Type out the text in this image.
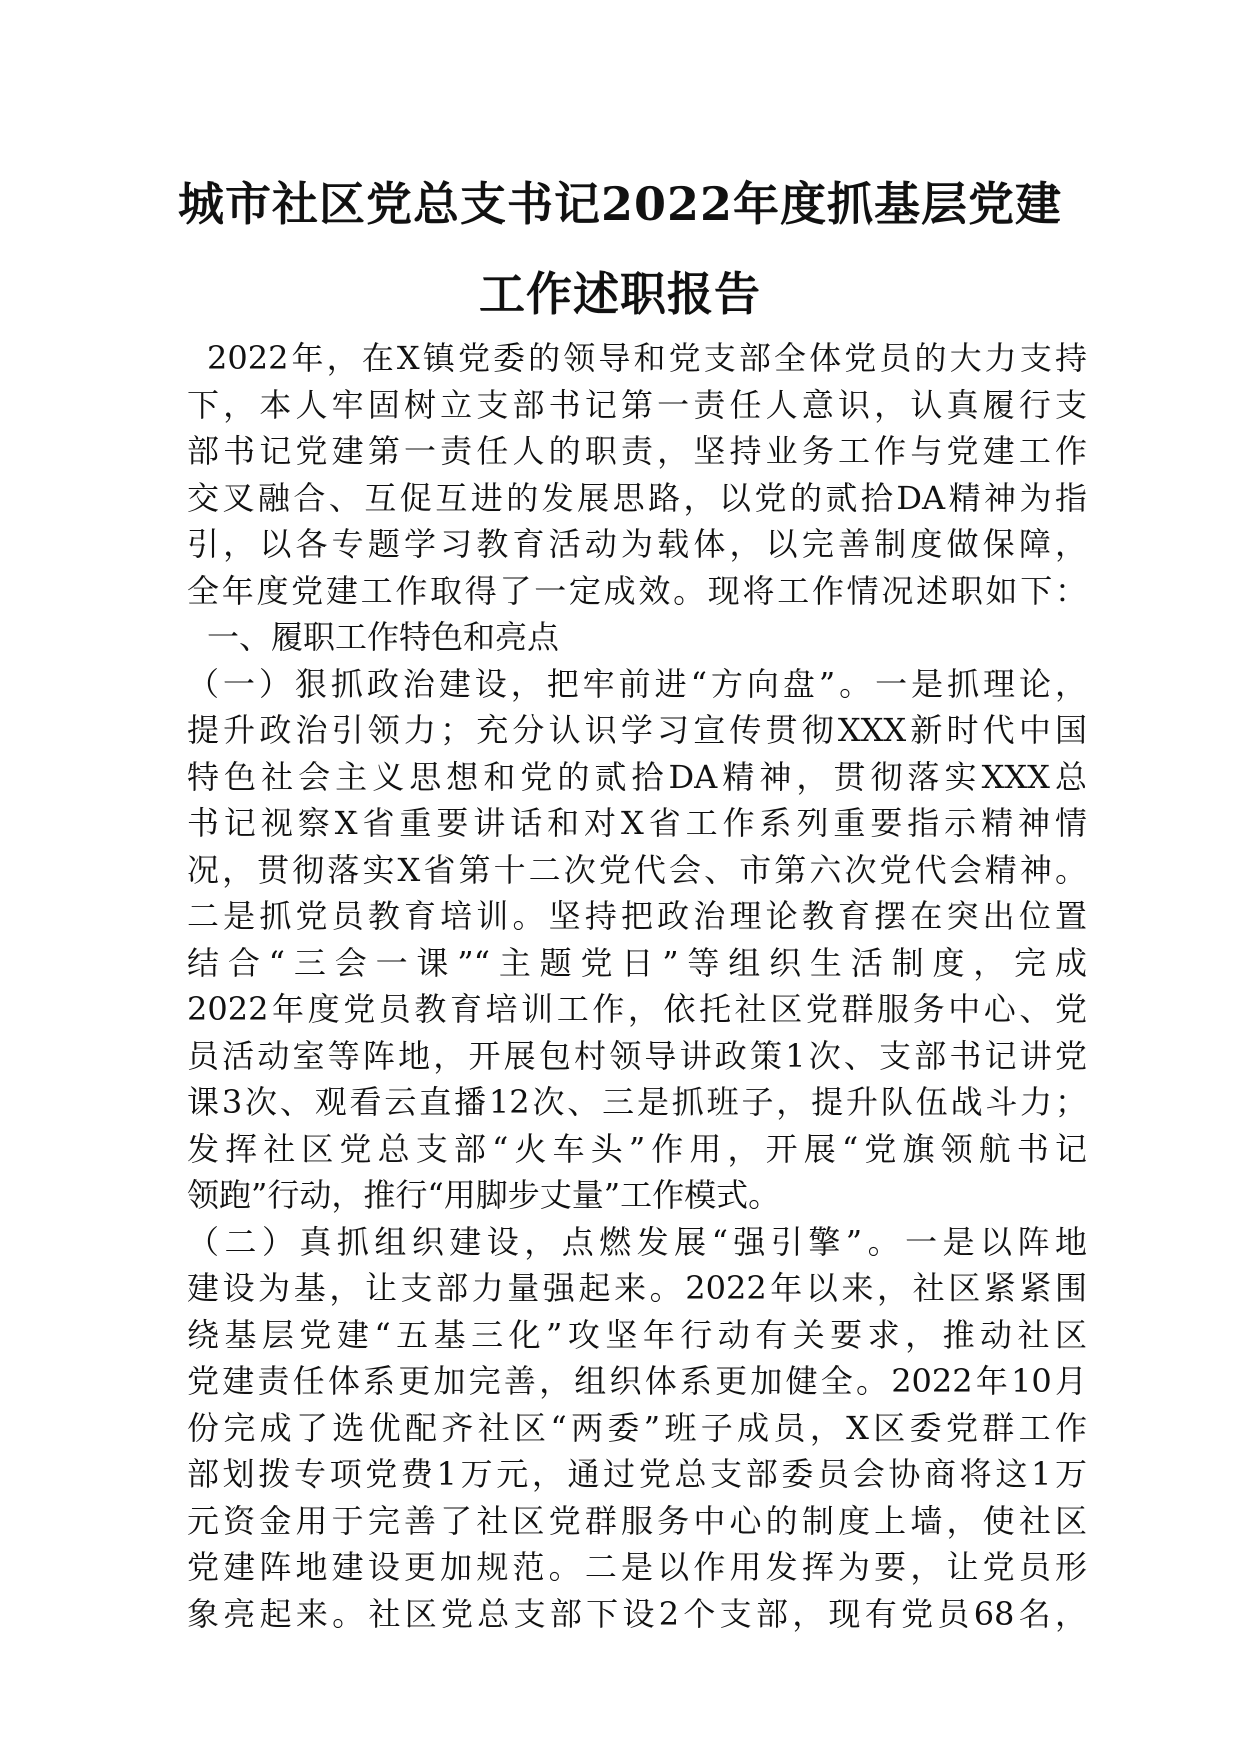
城市社区党总支书记2022年度抓基层党建
工作述职报告
2022年，在X镇党委的领导和党支部全体党员的大力支持
下，本人牢固树立支部书记第一责任人意识，认真履行支
部书记党建第一责任人的职责，坚持业务工作与党建工作
交叉融合、互促互进的发展思路，以党的贰拾DA精神为指
引，以各专题学习教育活动为载体，以完善制度做保障，
全年度党建工作取得了一定成效。现将工作情况述职如下：
一、履职工作特色和亮点
（一）狠抓政治建设，把牢前进“方向盘”。一是抓理论，
提升政治引领力；充分认识学习宣传贯彻XXX新时代中国
特色社会主义思想和党的贰拾DA精神，贯彻落实XXX总
书记视察X省重要讲话和对X省工作系列重要指示精神情
况，贯彻落实X省第十二次党代会、市第六次党代会精神。
二是抓党员教育培训。坚持把政治理论教育摆在突出位置
结合“三会一课”“主题党日”等组织生活制度，完成
2022年度党员教育培训工作，依托社区党群服务中心、党
员活动室等阵地，开展包村领导讲政策1次、支部书记讲党
课3次、观看云直播12次、三是抓班子，提升队伍战斗力；
发挥社区党总支部“火车头”作用，开展“党旗领航书记
领跑”行动，推行“用脚步丈量”工作模式。
（二）真抓组织建设，点燃发展“强引擎”。一是以阵地
建设为基，让支部力量强起来。2022年以来，社区紧紧围
绕基层党建“五基三化”攻坚年行动有关要求，推动社区
党建责任体系更加完善，组织体系更加健全。2022年10月
份完成了选优配齐社区“两委”班子成员，X区委党群工作
部划拨专项党费1万元，通过党总支部委员会协商将这1万
元资金用于完善了社区党群服务中心的制度上墙，使社区
党建阵地建设更加规范。二是以作用发挥为要，让党员形
象亮起来。社区党总支部下设2个支部，现有党员68名，
